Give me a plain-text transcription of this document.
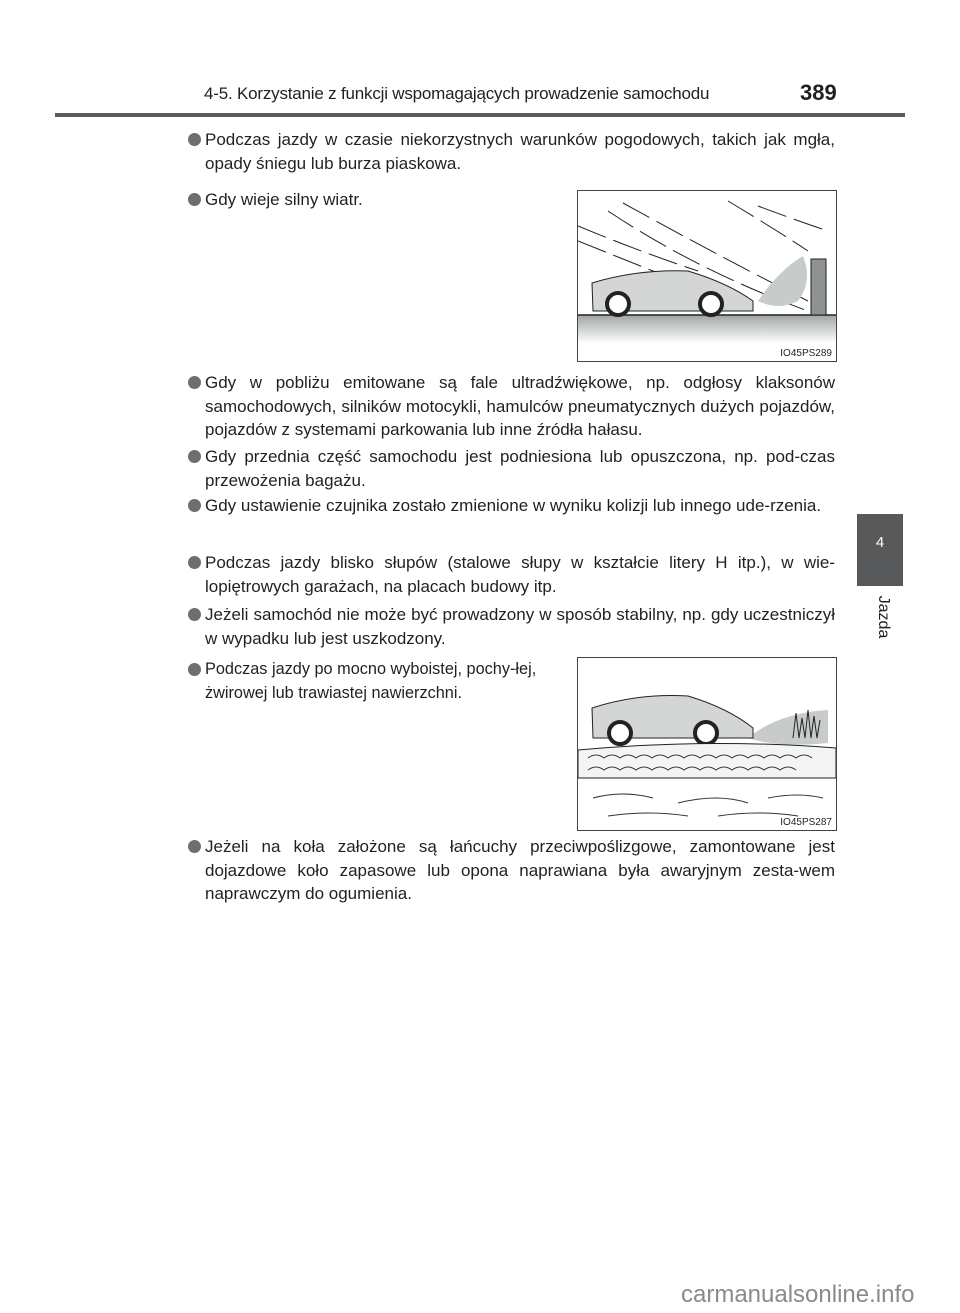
4-5. Korzystanie z funkcji wspomagających prowadzenie samochodu	389
Podczas jazdy w czasie niekorzystnych warunków pogodowych, takich jak mgła, opady śniegu lub burza piaskowa.
Gdy wieje silny wiatr.
IO45PS289
Gdy w pobliżu emitowane są fale ultradźwiękowe, np. odgłosy klaksonów samochodowych, silników motocykli, hamulców pneumatycznych dużych pojazdów, pojazdów z systemami parkowania lub inne źródła hałasu.
Gdy przednia część samochodu jest podniesiona lub opuszczona, np. pod-czas przewożenia bagażu.
Gdy ustawienie czujnika zostało zmienione w wyniku kolizji lub innego ude-rzenia.
Podczas jazdy blisko słupów (stalowe słupy w kształcie litery H itp.), w wie-lopiętrowych garażach, na placach budowy itp.
Jeżeli samochód nie może być prowadzony w sposób stabilny, np. gdy uczestniczył w wypadku lub jest uszkodzony.
Podczas jazdy po mocno wyboistej, pochy-łej, żwirowej lub trawiastej nawierzchni.
IO45PS287
Jeżeli na koła założone są łańcuchy przeciwpoślizgowe, zamontowane jest dojazdowe koło zapasowe lub opona naprawiana była awaryjnym zesta-wem naprawczym do ogumienia.
4
Jazda
carmanualsonline.info
